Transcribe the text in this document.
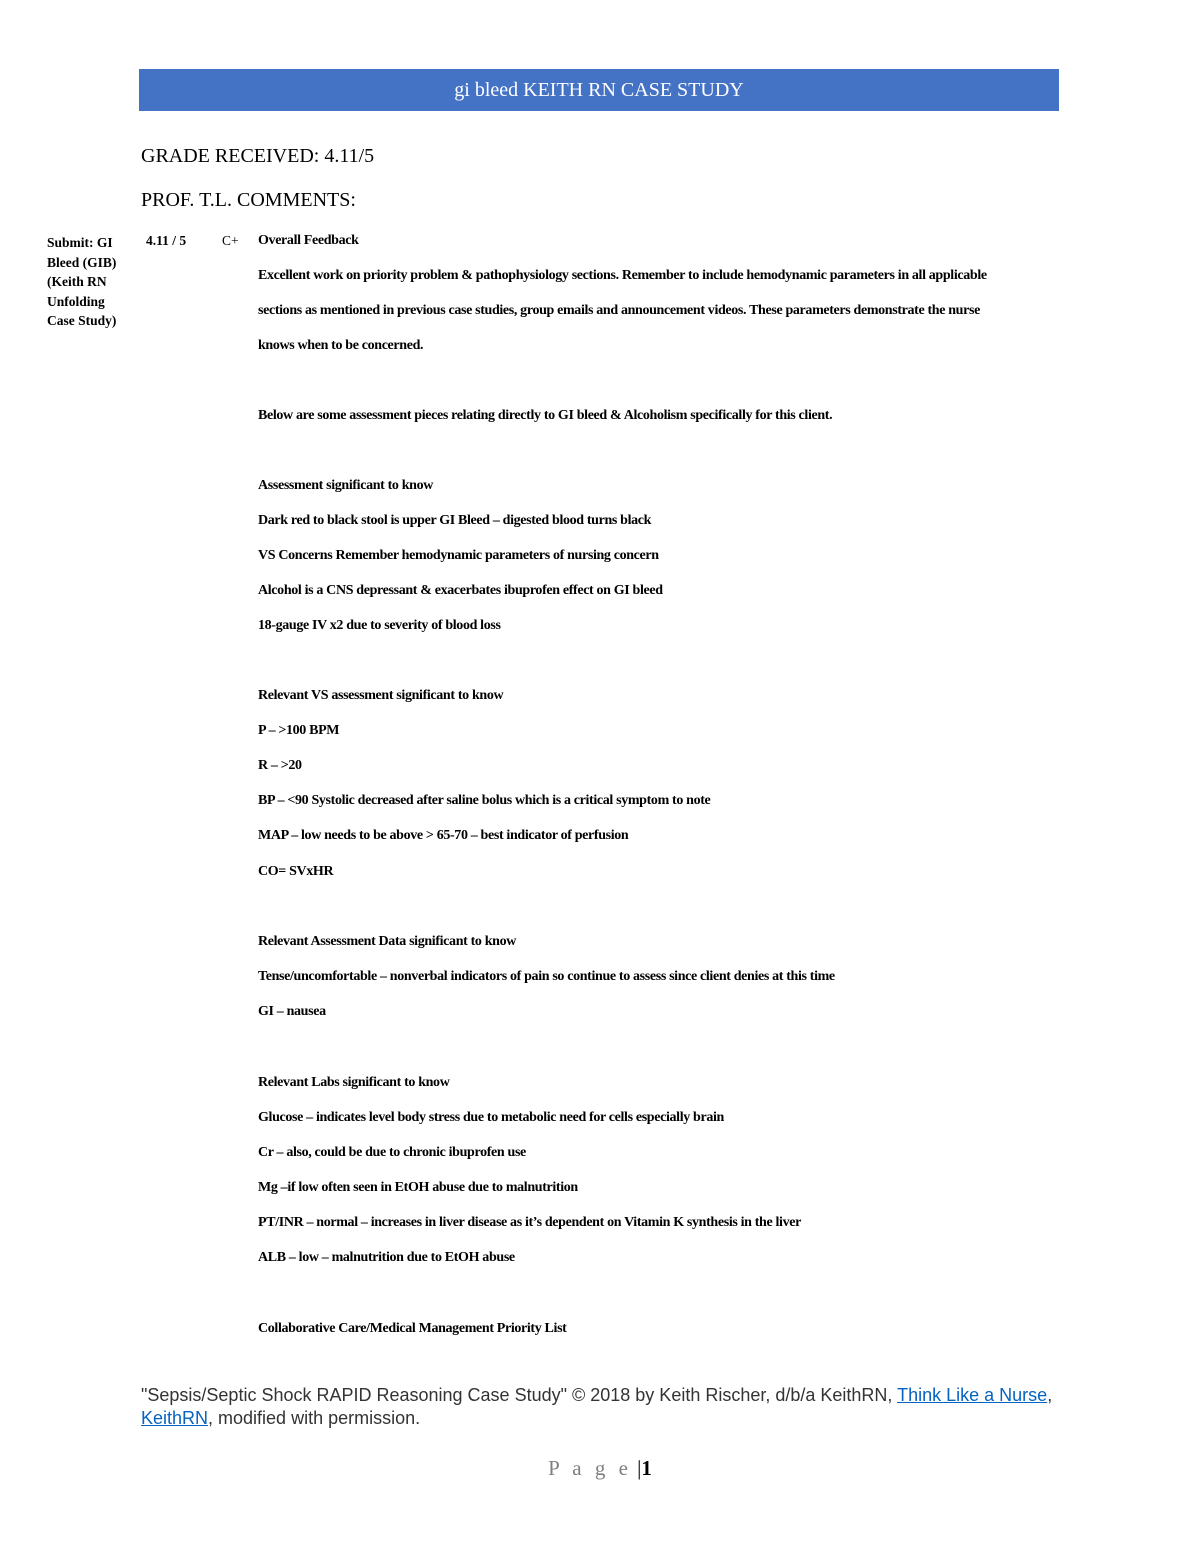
gi bleed KEITH RN CASE STUDY
GRADE RECEIVED: 4.11/5
PROF. T.L. COMMENTS:
Submit: GI
Bleed (GIB)
(Keith RN
Unfolding
Case Study)
4.11 / 5	C+ Overall Feedback
Excellent work on priority problem & pathophysiology sections. Remember to include hemodynamic parameters in all applicable
sections as mentioned in previous case studies, group emails and announcement videos. These parameters demonstrate the nurse
knows when to be concerned.
Below are some assessment pieces relating directly to GI bleed & Alcoholism specifically for this client.
Assessment significant to know
Dark red to black stool is upper GI Bleed – digested blood turns black
VS Concerns Remember hemodynamic parameters of nursing concern
Alcohol is a CNS depressant & exacerbates ibuprofen effect on GI bleed
18-gauge IV x2 due to severity of blood loss
Relevant VS assessment significant to know
P – >100 BPM
R – >20
BP – <90 Systolic decreased after saline bolus which is a critical symptom to note
MAP – low needs to be above > 65-70 – best indicator of perfusion
CO= SVxHR
Relevant Assessment Data significant to know
Tense/uncomfortable – nonverbal indicators of pain so continue to assess since client denies at this time
GI – nausea
Relevant Labs significant to know
Glucose – indicates level body stress due to metabolic need for cells especially brain
Cr – also, could be due to chronic ibuprofen use
Mg –if low often seen in EtOH abuse due to malnutrition
PT/INR – normal – increases in liver disease as it’s dependent on Vitamin K synthesis in the liver
ALB – low – malnutrition due to EtOH abuse
Collaborative Care/Medical Management Priority List
"Sepsis/Septic Shock RAPID Reasoning Case Study" © 2018 by Keith Rischer, d/b/a KeithRN, Think Like a Nurse, KeithRN, modified with permission.
P a g e |1
